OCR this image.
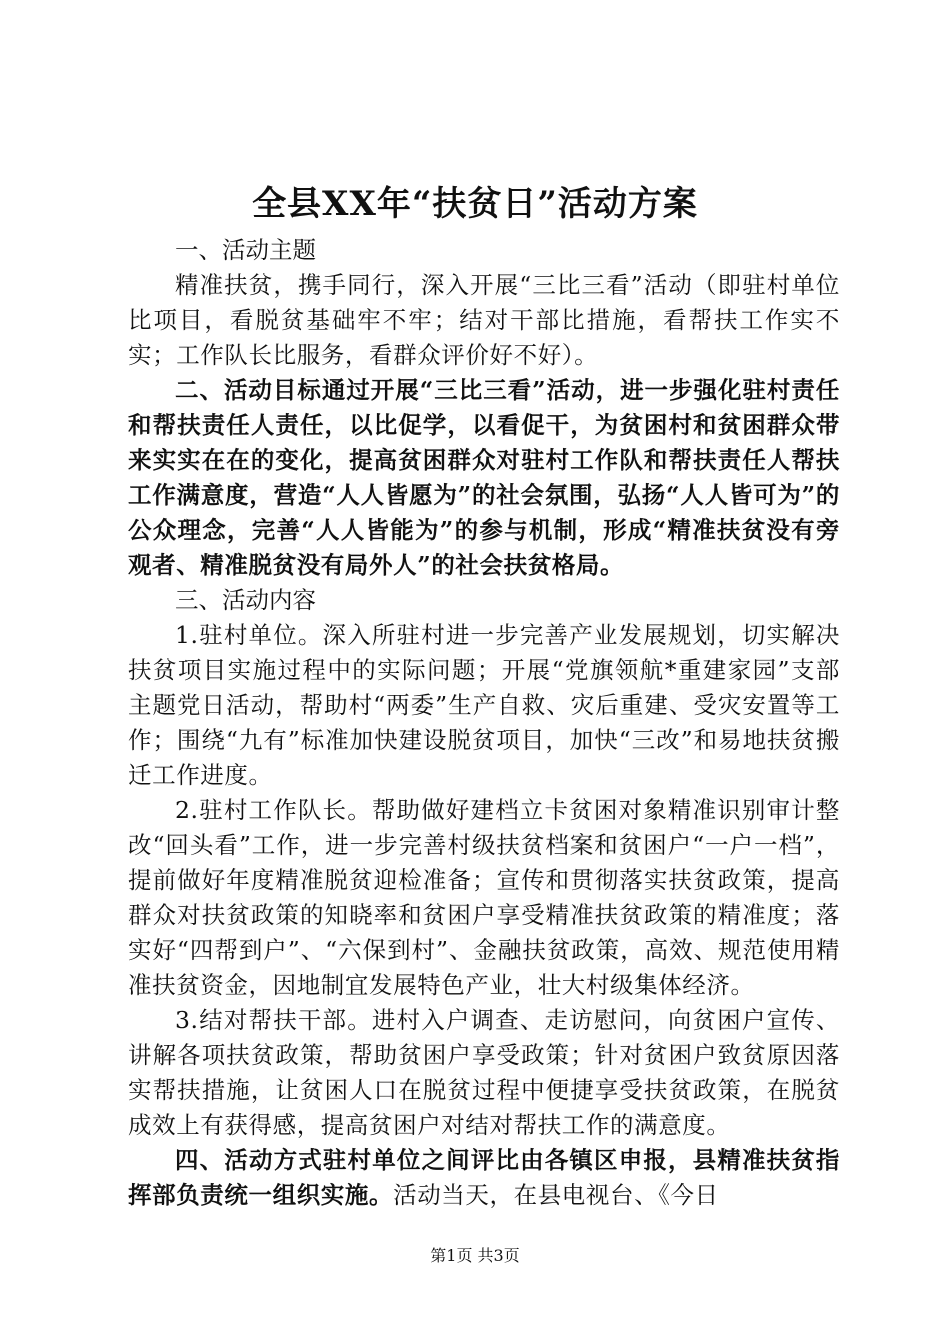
全县XX年“扶贫日”活动方案

一、活动主题

精准扶贫，携手同行，深入开展“三比三看”活动（即驻村单位比项目，看脱贫基础牢不牢；结对干部比措施，看帮扶工作实不实；工作队长比服务，看群众评价好不好）。

二、活动目标通过开展“三比三看”活动，进一步强化驻村责任和帮扶责任人责任，以比促学，以看促干，为贫困村和贫困群众带来实实在在的变化，提高贫困群众对驻村工作队和帮扶责任人帮扶工作满意度，营造“人人皆愿为”的社会氛围，弘扬“人人皆可为”的公众理念，完善“人人皆能为”的参与机制，形成“精准扶贫没有旁观者、精准脱贫没有局外人”的社会扶贫格局。

三、活动内容

1.驻村单位。深入所驻村进一步完善产业发展规划，切实解决扶贫项目实施过程中的实际问题；开展“党旗领航*重建家园”支部主题党日活动，帮助村“两委”生产自救、灾后重建、受灾安置等工作；围绕“九有”标准加快建设脱贫项目，加快“三改”和易地扶贫搬迁工作进度。

2.驻村工作队长。帮助做好建档立卡贫困对象精准识别审计整改“回头看”工作，进一步完善村级扶贫档案和贫困户“一户一档”，提前做好年度精准脱贫迎检准备；宣传和贯彻落实扶贫政策，提高群众对扶贫政策的知晓率和贫困户享受精准扶贫政策的精准度；落实好“四帮到户”、“六保到村”、金融扶贫政策，高效、规范使用精准扶贫资金，因地制宜发展特色产业，壮大村级集体经济。

3.结对帮扶干部。进村入户调查、走访慰问，向贫困户宣传、讲解各项扶贫政策，帮助贫困户享受政策；针对贫困户致贫原因落实帮扶措施，让贫困人口在脱贫过程中便捷享受扶贫政策，在脱贫成效上有获得感，提高贫困户对结对帮扶工作的满意度。

四、活动方式驻村单位之间评比由各镇区申报，县精准扶贫指挥部负责统一组织实施。活动当天，在县电视台、《今日

第1页 共3页
